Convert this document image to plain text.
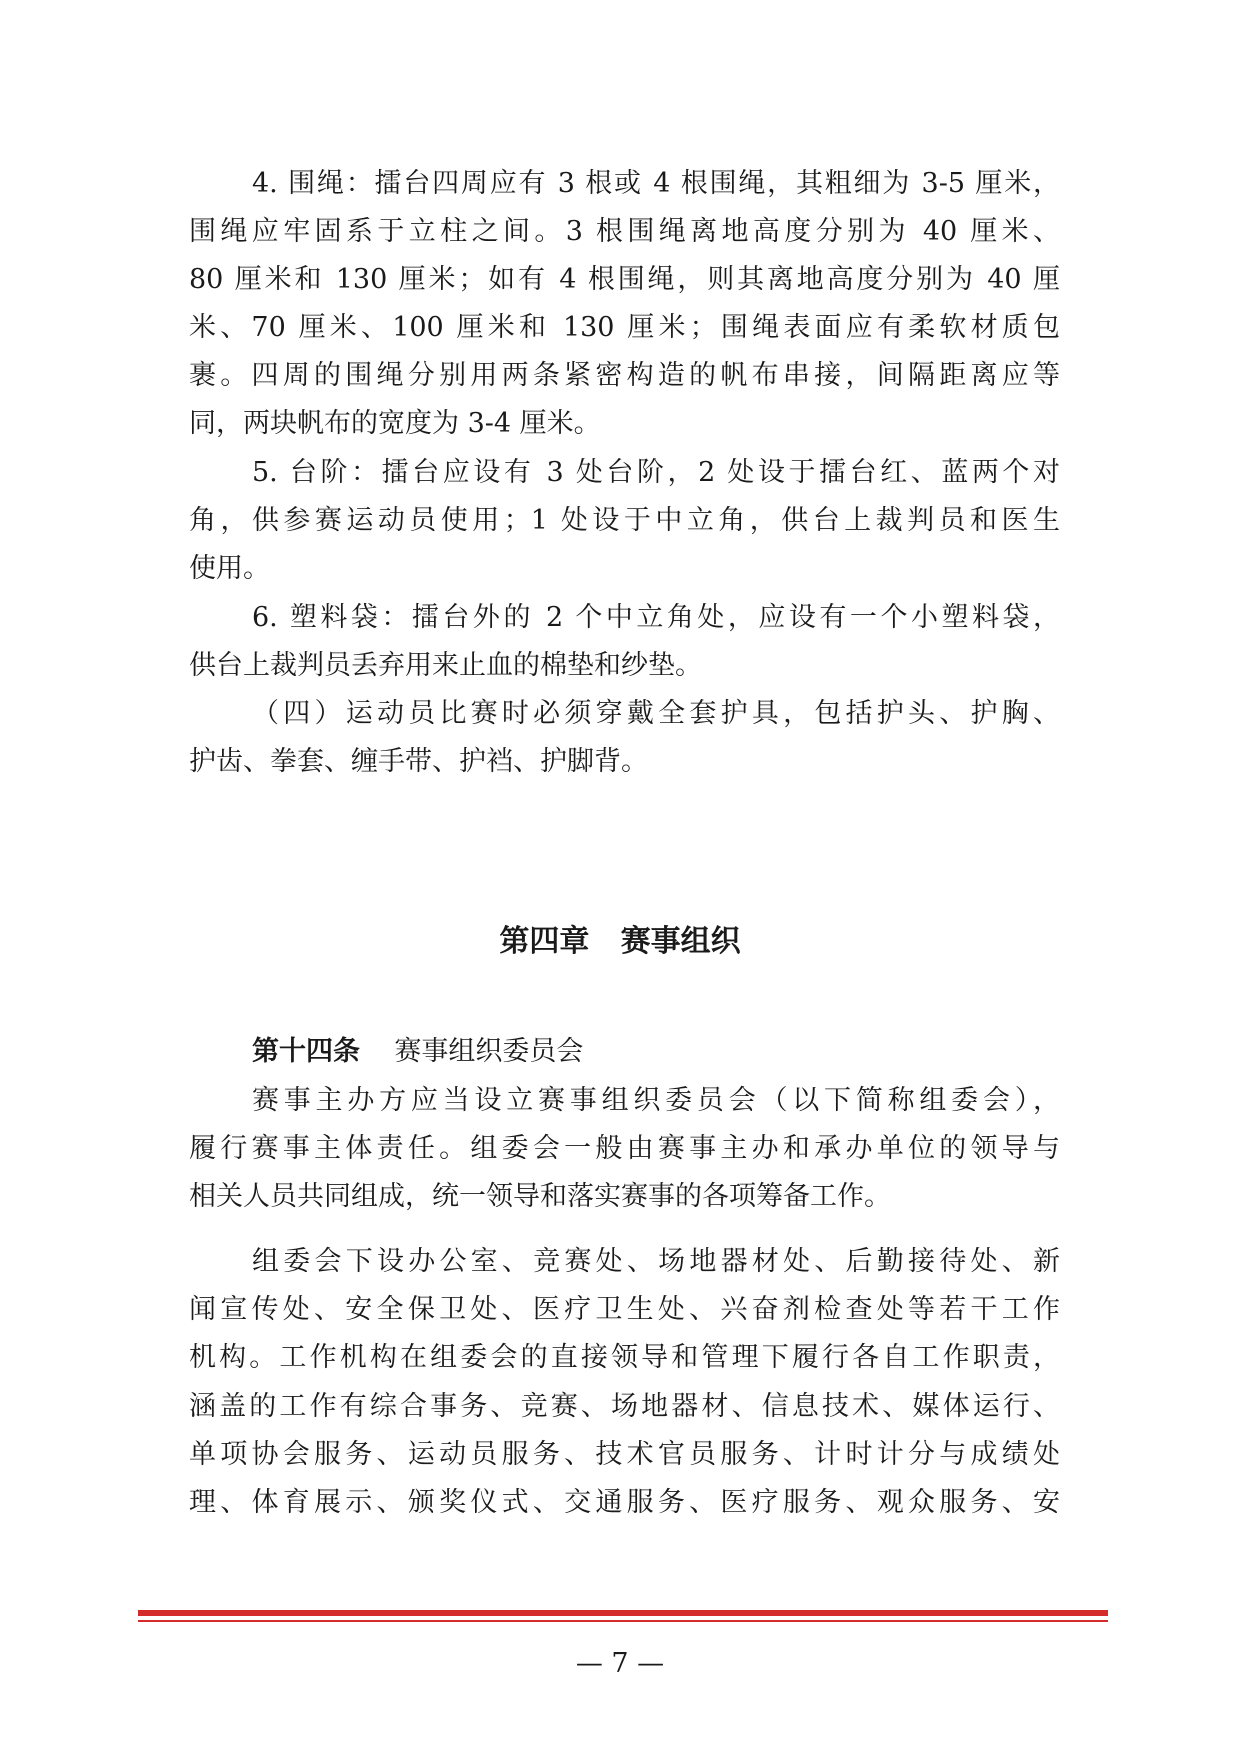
4. 围绳：擂台四周应有 3 根或 4 根围绳，其粗细为 3-5 厘米，
围绳应牢固系于立柱之间。3 根围绳离地高度分别为 40 厘米、
80 厘米和 130 厘米；如有 4 根围绳，则其离地高度分别为 40 厘
米、70 厘米、100 厘米和 130 厘米；围绳表面应有柔软材质包
裹。四周的围绳分别用两条紧密构造的帆布串接，间隔距离应等
同，两块帆布的宽度为 3-4 厘米。
5. 台阶：擂台应设有 3 处台阶，2 处设于擂台红、蓝两个对
角，供参赛运动员使用；1 处设于中立角，供台上裁判员和医生
使用。
6. 塑料袋：擂台外的 2 个中立角处，应设有一个小塑料袋，
供台上裁判员丢弃用来止血的棉垫和纱垫。
（四）运动员比赛时必须穿戴全套护具，包括护头、护胸、
护齿、拳套、缠手带、护裆、护脚背。
第四章   赛事组织
第十四条 赛事组织委员会
赛事主办方应当设立赛事组织委员会（以下简称组委会），
履行赛事主体责任。组委会一般由赛事主办和承办单位的领导与
相关人员共同组成，统一领导和落实赛事的各项筹备工作。
组委会下设办公室、竞赛处、场地器材处、后勤接待处、新
闻宣传处、安全保卫处、医疗卫生处、兴奋剂检查处等若干工作
机构。工作机构在组委会的直接领导和管理下履行各自工作职责，
涵盖的工作有综合事务、竞赛、场地器材、信息技术、媒体运行、
单项协会服务、运动员服务、技术官员服务、计时计分与成绩处
理、体育展示、颁奖仪式、交通服务、医疗服务、观众服务、安
— 7 —
